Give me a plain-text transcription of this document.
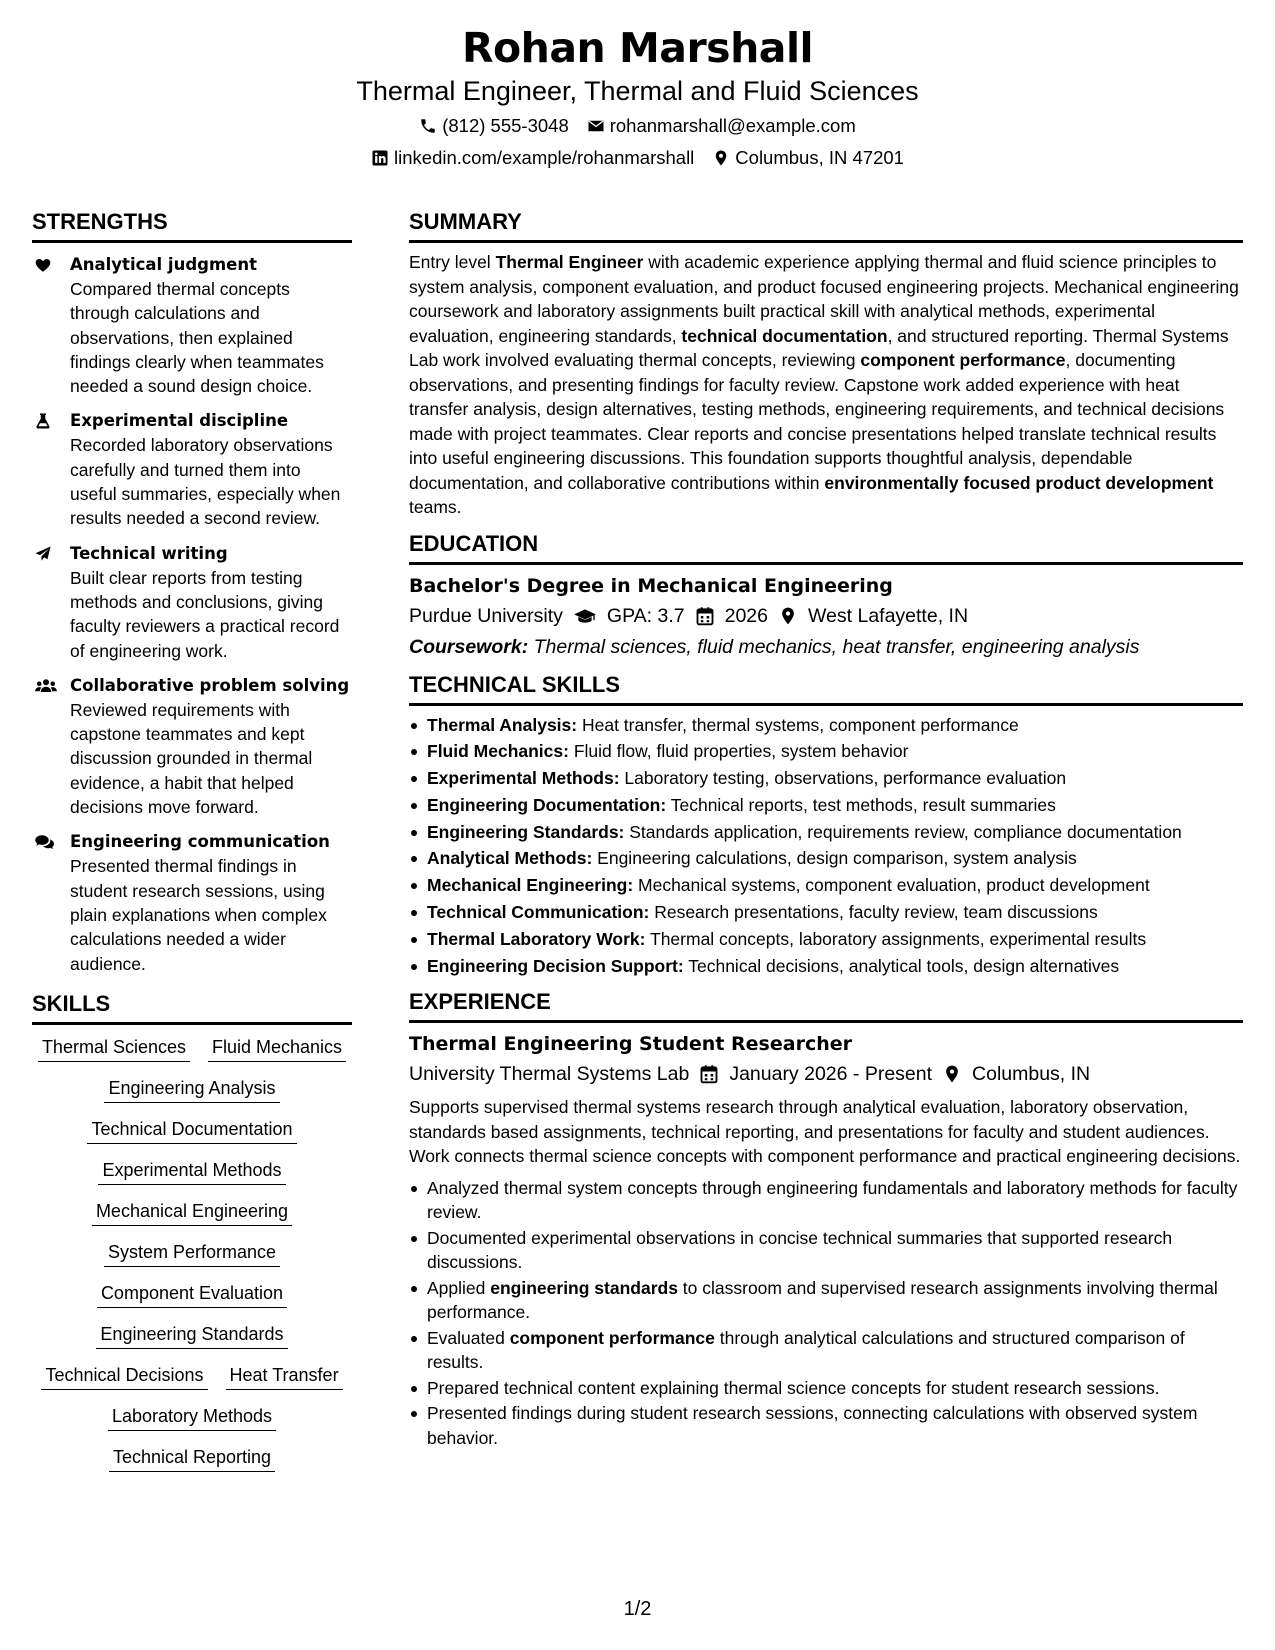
Rohan Marshall
Thermal Engineer, Thermal and Fluid Sciences
(812) 555-3048 rohanmarshall@example.com
linkedin.com/example/rohanmarshall Columbus, IN 47201
STRENGTHS
Analytical judgment
Compared thermal concepts through calculations and observations, then explained findings clearly when teammates needed a sound design choice.
Experimental discipline
Recorded laboratory observations carefully and turned them into useful summaries, especially when results needed a second review.
Technical writing
Built clear reports from testing methods and conclusions, giving faculty reviewers a practical record of engineering work.
Collaborative problem solving
Reviewed requirements with capstone teammates and kept discussion grounded in thermal evidence, a habit that helped decisions move forward.
Engineering communication
Presented thermal findings in student research sessions, using plain explanations when complex calculations needed a wider audience.
SKILLS
Thermal Sciences Fluid Mechanics
Engineering Analysis
Technical Documentation
Experimental Methods
Mechanical Engineering
System Performance
Component Evaluation
Engineering Standards
Technical Decisions Heat Transfer
Laboratory Methods
Technical Reporting
SUMMARY
Entry level Thermal Engineer with academic experience applying thermal and fluid science principles to system analysis, component evaluation, and product focused engineering projects. Mechanical engineering coursework and laboratory assignments built practical skill with analytical methods, experimental evaluation, engineering standards, technical documentation, and structured reporting. Thermal Systems Lab work involved evaluating thermal concepts, reviewing component performance, documenting observations, and presenting findings for faculty review. Capstone work added experience with heat transfer analysis, design alternatives, testing methods, engineering requirements, and technical decisions made with project teammates. Clear reports and concise presentations helped translate technical results into useful engineering discussions. This foundation supports thoughtful analysis, dependable documentation, and collaborative contributions within environmentally focused product development teams.
EDUCATION
Bachelor's Degree in Mechanical Engineering
Purdue University GPA: 3.7 2026 West Lafayette, IN
Coursework: Thermal sciences, fluid mechanics, heat transfer, engineering analysis
TECHNICAL SKILLS
Thermal Analysis: Heat transfer, thermal systems, component performance
Fluid Mechanics: Fluid flow, fluid properties, system behavior
Experimental Methods: Laboratory testing, observations, performance evaluation
Engineering Documentation: Technical reports, test methods, result summaries
Engineering Standards: Standards application, requirements review, compliance documentation
Analytical Methods: Engineering calculations, design comparison, system analysis
Mechanical Engineering: Mechanical systems, component evaluation, product development
Technical Communication: Research presentations, faculty review, team discussions
Thermal Laboratory Work: Thermal concepts, laboratory assignments, experimental results
Engineering Decision Support: Technical decisions, analytical tools, design alternatives
EXPERIENCE
Thermal Engineering Student Researcher
University Thermal Systems Lab January 2026 - Present Columbus, IN
Supports supervised thermal systems research through analytical evaluation, laboratory observation, standards based assignments, technical reporting, and presentations for faculty and student audiences. Work connects thermal science concepts with component performance and practical engineering decisions.
Analyzed thermal system concepts through engineering fundamentals and laboratory methods for faculty review.
Documented experimental observations in concise technical summaries that supported research discussions.
Applied engineering standards to classroom and supervised research assignments involving thermal performance.
Evaluated component performance through analytical calculations and structured comparison of results.
Prepared technical content explaining thermal science concepts for student research sessions.
Presented findings during student research sessions, connecting calculations with observed system behavior.
1/2
